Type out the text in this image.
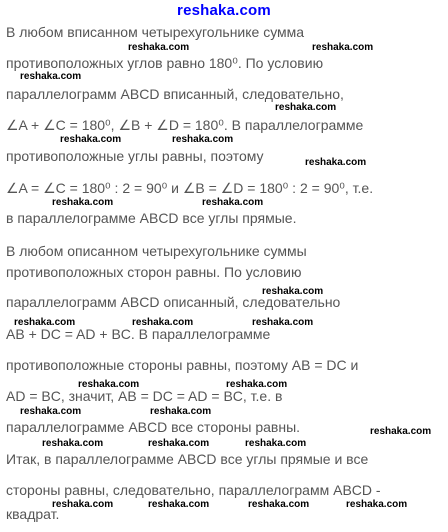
reshaka.com
В любом вписанном четырехугольнике сумма
противоположных углов равно 180⁰. По условию
параллелограмм ABCD вписанный, следовательно,
∠A + ∠C = 180⁰, ∠B + ∠D = 180⁰. В параллелограмме
противоположные углы равны, поэтому
∠A = ∠C = 180⁰ : 2 = 90⁰ и ∠B = ∠D = 180⁰ : 2 = 90⁰, т.е.
в параллелограмме ABCD все углы прямые.
В любом описанном четырехугольнике суммы
противоположных сторон равны. По условию
параллелограмм ABCD описанный, следовательно
AB + DC = AD + BC. В параллелограмме
противоположные стороны равны, поэтому AB = DC и
AD = BC, значит, AB = DC = AD = BC, т.е. в
параллелограмме ABCD все стороны равны.
Итак, в параллелограмме ABCD все углы прямые и все
стороны равны, следовательно, параллелограмм ABCD -
квадрат.
reshaka.com	reshaka.com
reshaka.com
reshaka.com
reshaka.com	reshaka.com
reshaka.com
reshaka.com	reshaka.com
reshaka.com
reshaka.com	reshaka.com	reshaka.com
reshaka.com	reshaka.com
reshaka.com	reshaka.com
reshaka.com
reshaka.com	reshaka.com	reshaka.com
reshaka.com	reshaka.com	reshaka.com	reshaka.com
